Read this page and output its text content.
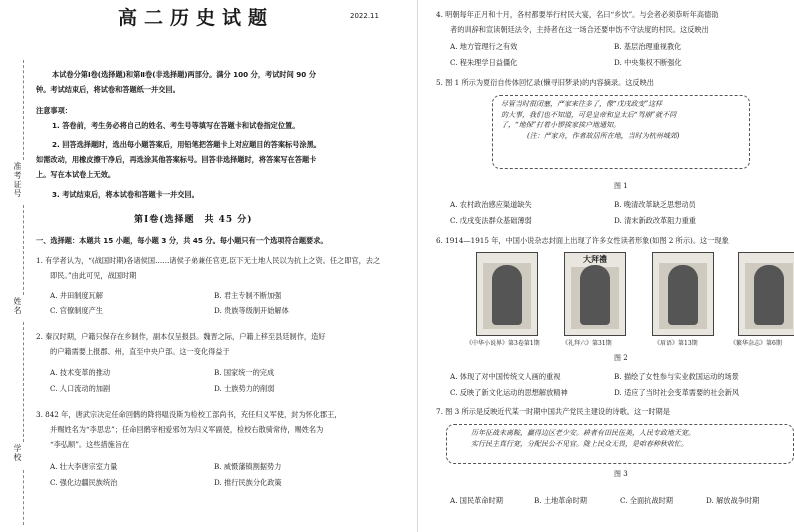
准考证号
姓名
学校
高二历史试题	2022.11
本试卷分第Ⅰ卷(选择题)和第Ⅱ卷(非选择题)两部分。满分 100 分，考试时间 90 分
钟。考试结束后，将试卷和答题纸一并交回。
注意事项：
1. 答卷前，考生务必将自己的姓名、考生号等填写在答题卡和试卷指定位置。
2. 回答选择题时，选出每小题答案后，用铅笔把答题卡上对应题目的答案标号涂黑。
如需改动，用橡皮擦干净后，再选涂其他答案标号。回答非选择题时，将答案写在答题卡
上。写在本试卷上无效。
3. 考试结束后，将本试卷和答题卡一并交回。
第Ⅰ卷(选择题　共 45 分)
一、选择题：本题共 15 小题，每小题 3 分，共 45 分。每小题只有一个选项符合题要求。
1. 有学者认为，“(战国时期)各诸侯国……诸侯子弟兼任官吏,臣下无土地人民以为抗上之资。任之即官，去之
即民。”由此可见，战国时期
A. 井田制度瓦解	B. 君主专制不断加强
C. 官僚制度产生	D. 贵族等级制开始解体
2. 秦汉时期，户籍只保存在乡制作，副本仅呈报县。魏晋之际，户籍上移至县廷制作，造好
的户籍需要上报郡、州，直至中央户部。这一变化得益于
A. 技术变革的推动	B. 国家统一的完成
C. 人口流动的加剧	D. 士族势力的削弱
3. 842 年，唐武宗决定任命回鹘的降将嗢没斯为检校工部尚书，充任归义军使，封为怀化郡王，
并赐姓名为“李思忠”；任命回鹘宰相爱邪勿为归义军副使，检校右散骑常侍，赐姓名为
“李弘顺”。这些措施旨在
A. 壮大李唐宗室力量	B. 威慑藩镇割据势力
C. 强化边疆民族统治	D. 推行民族分化政策
4. 明朝每年正月和十月，各村都要举行村民大宴，名曰“乡饮”。与会者必须恭听年高德劭
者的训辞和宣读朝廷法令，主持者在这一场合还要申饬不守法度的村民。这反映出
A. 地方管理行之有效	B. 基层治理重视教化
C. 程朱理学日益僵化	D. 中央集权不断强化
5. 图 1 所示为夏衍自传体回忆录(懒寻旧梦录)的内容摘录。这反映出
尽管当时很闭塞，严家来往多了，像“戊戌政变”这样
的大事，我们也不知道，可是皇帝和皇太后“驾崩”就不同
了，“地保”打着小锣挨家挨户地通知。
(注：严家舟，作者故居所在地，当时为杭州城郊)
图 1
A. 农村政治感应渠道缺失	B. 晚清改革缺乏思想动员
C. 戊戌变法群众基础薄弱	D. 清末新政改革阻力重重
6. 1914—1915 年，中国小说杂志封面上出现了许多女性读者形象(如图 2 所示)。这一现象
大拜禮
《中华小说界》第3卷第1期	《礼拜六》第31期	《眉语》第13期	《繁华杂志》第6期
图 2
A. 体现了对中国传统文人画的重视	B. 描绘了女性参与实业救国运动的场景
C. 反映了新文化运动的思想解放精神	D. 适应了当时社会变革需要的社会新风
7. 图 3 所示是反映近代某一时期中国共产党民主建设的诗歌。这一时期是
历年征战未离鞍，赢得边区老少安。耕者有田民伍美，人民专政地天宽。
实行民主真行宽，分配民公不见官。陇上民众无畏，是咱春种秋收忙。
图 3
A. 国民革命时期	B. 土地革命时期	C. 全面抗战时期	D. 解放战争时期
